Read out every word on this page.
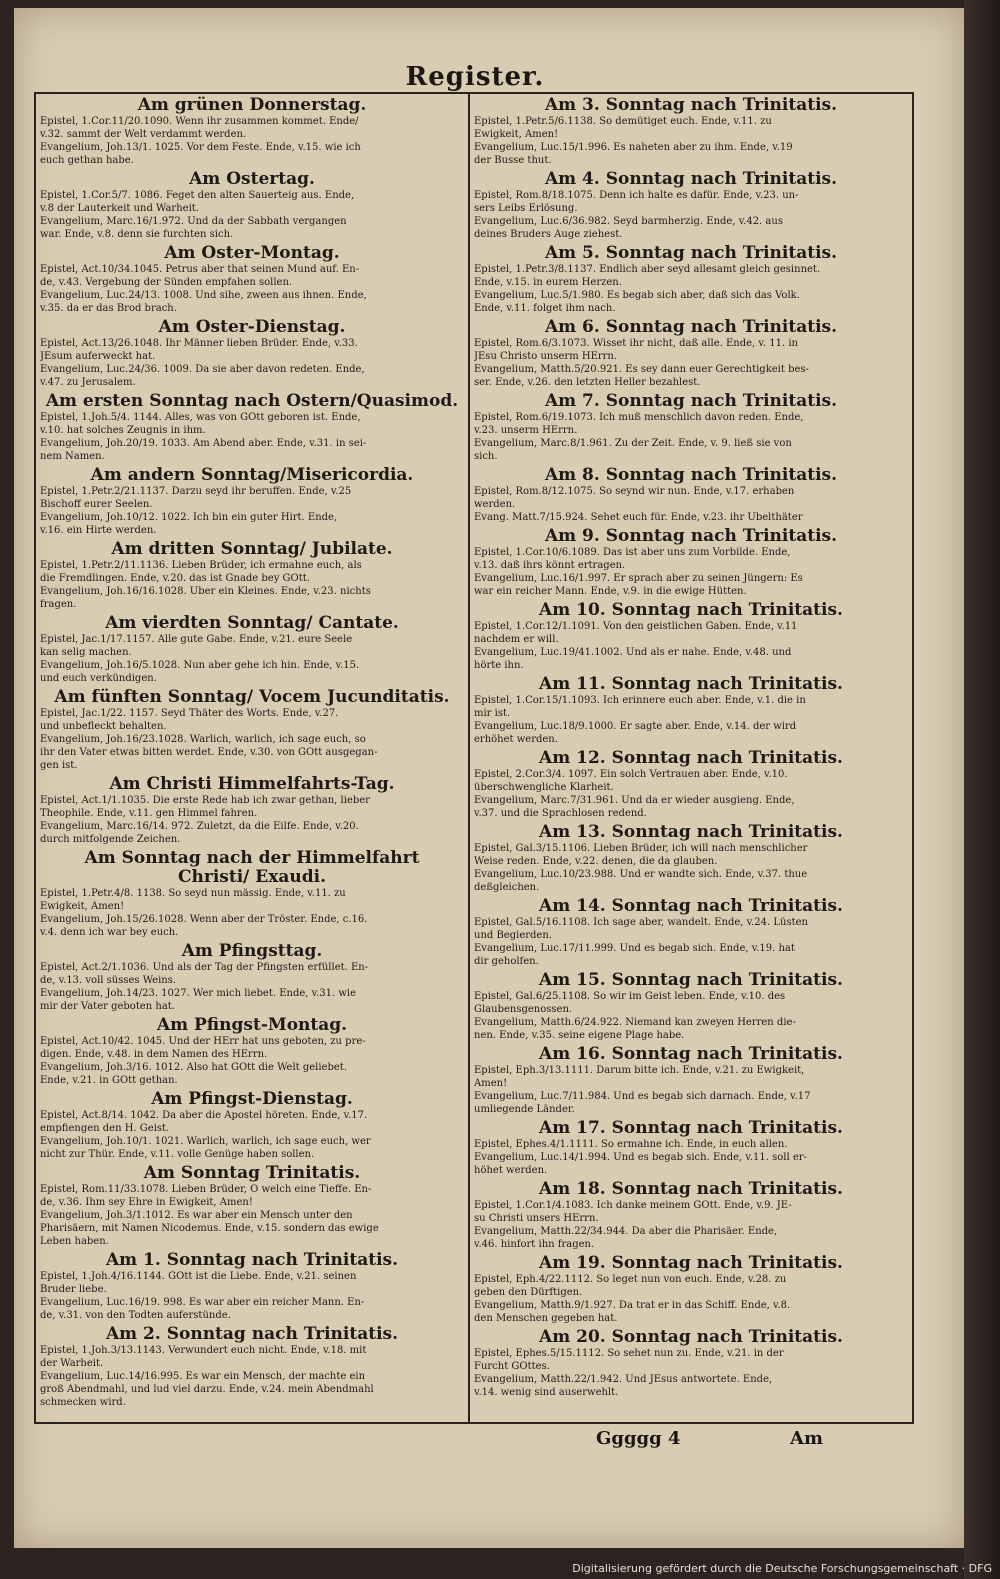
Register.
Am grünen Donnerstag.
Epistel, 1.Cor.11/20.1090. Wenn ihr zusammen kommet. Ende/
v.32. sammt der Welt verdammt werden.
Evangelium, Joh.13/1. 1025. Vor dem Feste. Ende, v.15. wie ich
euch gethan habe.
Am Ostertag.
Epistel, 1.Cor.5/7. 1086. Feget den alten Sauerteig aus. Ende,
v.8 der Lauterkeit und Warheit.
Evangelium, Marc.16/1.972. Und da der Sabbath vergangen
war. Ende, v.8. denn sie furchten sich.
Am Oster-Montag.
Epistel, Act.10/34.1045. Petrus aber that seinen Mund auf. En-
de, v.43. Vergebung der Sünden empfahen sollen.
Evangelium, Luc.24/13. 1008. Und sihe, zween aus ihnen. Ende,
v.35. da er das Brod brach.
Am Oster-Dienstag.
Epistel, Act.13/26.1048. Ihr Männer lieben Brüder. Ende, v.33.
JEsum auferweckt hat.
Evangelium, Luc.24/36. 1009. Da sie aber davon redeten. Ende,
v.47. zu Jerusalem.
Am ersten Sonntag nach Ostern/Quasimod.
Epistel, 1.Joh.5/4. 1144. Alles, was von GOtt geboren ist. Ende,
v.10. hat solches Zeugnis in ihm.
Evangelium, Joh.20/19. 1033. Am Abend aber. Ende, v.31. in sei-
nem Namen.
Am andern Sonntag/Misericordia.
Epistel, 1.Petr.2/21.1137. Darzu seyd ihr beruffen. Ende, v.25
Bischoff eurer Seelen.
Evangelium, Joh.10/12. 1022. Ich bin ein guter Hirt. Ende,
v.16. ein Hirte werden.
Am dritten Sonntag/ Jubilate.
Epistel, 1.Petr.2/11.1136. Lieben Brüder, ich ermahne euch, als
die Fremdlingen. Ende, v.20. das ist Gnade bey GOtt.
Evangelium, Joh.16/16.1028. Uber ein Kleines. Ende, v.23. nichts
fragen.
Am vierdten Sonntag/ Cantate.
Epistel, Jac.1/17.1157. Alle gute Gabe. Ende, v.21. eure Seele
kan selig machen.
Evangelium, Joh.16/5.1028. Nun aber gehe ich hin. Ende, v.15.
und euch verkündigen.
Am fünften Sonntag/ Vocem Jucunditatis.
Epistel, Jac.1/22. 1157. Seyd Thäter des Worts. Ende, v.27.
und unbefleckt behalten.
Evangelium, Joh.16/23.1028. Warlich, warlich, ich sage euch, so
ihr den Vater etwas bitten werdet. Ende, v.30. von GOtt ausgegan-
gen ist.
Am Christi Himmelfahrts-Tag.
Epistel, Act.1/1.1035. Die erste Rede hab ich zwar gethan, lieber
Theophile. Ende, v.11. gen Himmel fahren.
Evangelium, Marc.16/14. 972. Zuletzt, da die Eilfe. Ende, v.20.
durch mitfolgende Zeichen.
Am Sonntag nach der Himmelfahrt
Christi/ Exaudi.
Epistel, 1.Petr.4/8. 1138. So seyd nun mässig. Ende, v.11. zu
Ewigkeit, Amen!
Evangelium, Joh.15/26.1028. Wenn aber der Tröster. Ende, c.16.
v.4. denn ich war bey euch.
Am Pfingsttag.
Epistel, Act.2/1.1036. Und als der Tag der Pfingsten erfüllet. En-
de, v.13. voll süsses Weins.
Evangelium, Joh.14/23. 1027. Wer mich liebet. Ende, v.31. wie
mir der Vater geboten hat.
Am Pfingst-Montag.
Epistel, Act.10/42. 1045. Und der HErr hat uns geboten, zu pre-
digen. Ende, v.48. in dem Namen des HErrn.
Evangelium, Joh.3/16. 1012. Also hat GOtt die Welt geliebet.
Ende, v.21. in GOtt gethan.
Am Pfingst-Dienstag.
Epistel, Act.8/14. 1042. Da aber die Apostel höreten. Ende, v.17.
empfiengen den H. Geist.
Evangelium, Joh.10/1. 1021. Warlich, warlich, ich sage euch, wer
nicht zur Thür. Ende, v.11. volle Genüge haben sollen.
Am Sonntag Trinitatis.
Epistel, Rom.11/33.1078. Lieben Brüder, O welch eine Tieffe. En-
de, v.36. Ihm sey Ehre in Ewigkeit, Amen!
Evangelium, Joh.3/1.1012. Es war aber ein Mensch unter den
Pharisäern, mit Namen Nicodemus. Ende, v.15. sondern das ewige
Leben haben.
Am 1. Sonntag nach Trinitatis.
Epistel, 1.Joh.4/16.1144. GOtt ist die Liebe. Ende, v.21. seinen
Bruder liebe.
Evangelium, Luc.16/19. 998. Es war aber ein reicher Mann. En-
de, v.31. von den Todten auferstünde.
Am 2. Sonntag nach Trinitatis.
Epistel, 1.Joh.3/13.1143. Verwundert euch nicht. Ende, v.18. mit
der Warheit.
Evangelium, Luc.14/16.995. Es war ein Mensch, der machte ein
groß Abendmahl, und lud viel darzu. Ende, v.24. mein Abendmahl
schmecken wird.
Am 3. Sonntag nach Trinitatis.
Epistel, 1.Petr.5/6.1138. So demütiget euch. Ende, v.11. zu
Ewigkeit, Amen!
Evangelium, Luc.15/1.996. Es naheten aber zu ihm. Ende, v.19
der Busse thut.
Am 4. Sonntag nach Trinitatis.
Epistel, Rom.8/18.1075. Denn ich halte es dafür. Ende, v.23. un-
sers Leibs Erlösung.
Evangelium, Luc.6/36.982. Seyd barmherzig. Ende, v.42. aus
deines Bruders Auge ziehest.
Am 5. Sonntag nach Trinitatis.
Epistel, 1.Petr.3/8.1137. Endlich aber seyd allesamt gleich gesinnet.
Ende, v.15. in eurem Herzen.
Evangelium, Luc.5/1.980. Es begab sich aber, daß sich das Volk.
Ende, v.11. folget ihm nach.
Am 6. Sonntag nach Trinitatis.
Epistel, Rom.6/3.1073. Wisset ihr nicht, daß alle. Ende, v. 11. in
JEsu Christo unserm HErrn.
Evangelium, Matth.5/20.921. Es sey dann euer Gerechtigkeit bes-
ser. Ende, v.26. den letzten Heller bezahlest.
Am 7. Sonntag nach Trinitatis.
Epistel, Rom.6/19.1073. Ich muß menschlich davon reden. Ende,
v.23. unserm HErrn.
Evangelium, Marc.8/1.961. Zu der Zeit. Ende, v. 9. ließ sie von
sich.
Am 8. Sonntag nach Trinitatis.
Epistel, Rom.8/12.1075. So seynd wir nun. Ende, v.17. erhaben
werden.
Evang. Matt.7/15.924. Sehet euch für. Ende, v.23. ihr Ubelthäter
Am 9. Sonntag nach Trinitatis.
Epistel, 1.Cor.10/6.1089. Das ist aber uns zum Vorbilde. Ende,
v.13. daß ihrs könnt ertragen.
Evangelium, Luc.16/1.997. Er sprach aber zu seinen Jüngern: Es
war ein reicher Mann. Ende, v.9. in die ewige Hütten.
Am 10. Sonntag nach Trinitatis.
Epistel, 1.Cor.12/1.1091. Von den geistlichen Gaben. Ende, v.11
nachdem er will.
Evangelium, Luc.19/41.1002. Und als er nahe. Ende, v.48. und
hörte ihn.
Am 11. Sonntag nach Trinitatis.
Epistel, 1.Cor.15/1.1093. Ich erinnere euch aber. Ende, v.1. die in
mir ist.
Evangelium, Luc.18/9.1000. Er sagte aber. Ende, v.14. der wird
erhöhet werden.
Am 12. Sonntag nach Trinitatis.
Epistel, 2.Cor.3/4. 1097. Ein solch Vertrauen aber. Ende, v.10.
überschwengliche Klarheit.
Evangelium, Marc.7/31.961. Und da er wieder ausgieng. Ende,
v.37. und die Sprachlosen redend.
Am 13. Sonntag nach Trinitatis.
Epistel, Gal.3/15.1106. Lieben Brüder, ich will nach menschlicher
Weise reden. Ende, v.22. denen, die da glauben.
Evangelium, Luc.10/23.988. Und er wandte sich. Ende, v.37. thue
deßgleichen.
Am 14. Sonntag nach Trinitatis.
Epistel, Gal.5/16.1108. Ich sage aber, wandelt. Ende, v.24. Lüsten
und Begierden.
Evangelium, Luc.17/11.999. Und es begab sich. Ende, v.19. hat
dir geholfen.
Am 15. Sonntag nach Trinitatis.
Epistel, Gal.6/25.1108. So wir im Geist leben. Ende, v.10. des
Glaubensgenossen.
Evangelium, Matth.6/24.922. Niemand kan zweyen Herren die-
nen. Ende, v.35. seine eigene Plage habe.
Am 16. Sonntag nach Trinitatis.
Epistel, Eph.3/13.1111. Darum bitte ich. Ende, v.21. zu Ewigkeit,
Amen!
Evangelium, Luc.7/11.984. Und es begab sich darnach. Ende, v.17
umliegende Länder.
Am 17. Sonntag nach Trinitatis.
Epistel, Ephes.4/1.1111. So ermahne ich. Ende, in euch allen.
Evangelium, Luc.14/1.994. Und es begab sich. Ende, v.11. soll er-
höhet werden.
Am 18. Sonntag nach Trinitatis.
Epistel, 1.Cor.1/4.1083. Ich danke meinem GOtt. Ende, v.9. JE-
su Christi unsers HErrn.
Evangelium, Matth.22/34.944. Da aber die Pharisäer. Ende,
v.46. hinfort ihn fragen.
Am 19. Sonntag nach Trinitatis.
Epistel, Eph.4/22.1112. So leget nun von euch. Ende, v.28. zu
geben den Dürftigen.
Evangelium, Matth.9/1.927. Da trat er in das Schiff. Ende, v.8.
den Menschen gegeben hat.
Am 20. Sonntag nach Trinitatis.
Epistel, Ephes.5/15.1112. So sehet nun zu. Ende, v.21. in der
Furcht GOttes.
Evangelium, Matth.22/1.942. Und JEsus antwortete. Ende,
v.14. wenig sind auserwehlt.
Ggggg 4	Am
Digitalisierung gefördert durch die Deutsche Forschungsgemeinschaft · DFG
